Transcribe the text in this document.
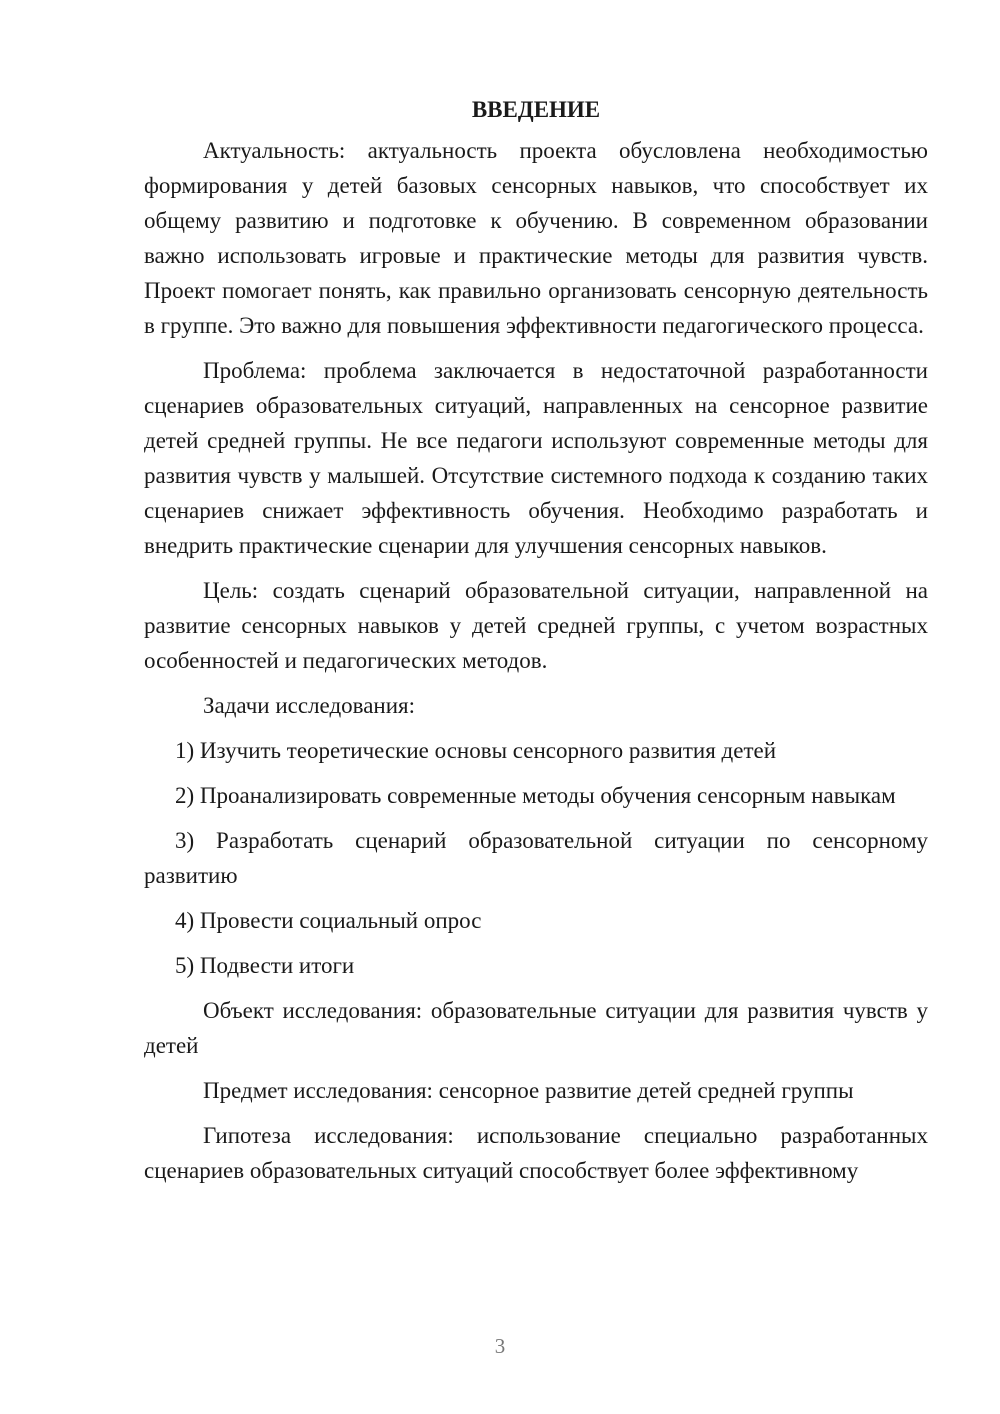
ВВЕДЕНИЕ

Актуальность: актуальность проекта обусловлена необходимостью формирования у детей базовых сенсорных навыков, что способствует их общему развитию и подготовке к обучению. В современном образовании важно использовать игровые и практические методы для развития чувств. Проект помогает понять, как правильно организовать сенсорную деятельность в группе. Это важно для повышения эффективности педагогического процесса.

Проблема: проблема заключается в недостаточной разработанности сценариев образовательных ситуаций, направленных на сенсорное развитие детей средней группы. Не все педагоги используют современные методы для развития чувств у малышей. Отсутствие системного подхода к созданию таких сценариев снижает эффективность обучения. Необходимо разработать и внедрить практические сценарии для улучшения сенсорных навыков.

Цель: создать сценарий образовательной ситуации, направленной на развитие сенсорных навыков у детей средней группы, с учетом возрастных особенностей и педагогических методов.

Задачи исследования:

1) Изучить теоретические основы сенсорного развития детей

2) Проанализировать современные методы обучения сенсорным навыкам

3) Разработать сценарий образовательной ситуации по сенсорному развитию

4) Провести социальный опрос

5) Подвести итоги

Объект исследования: образовательные ситуации для развития чувств у детей

Предмет исследования: сенсорное развитие детей средней группы

Гипотеза исследования: использование специально разработанных сценариев образовательных ситуаций способствует более эффективному

3
